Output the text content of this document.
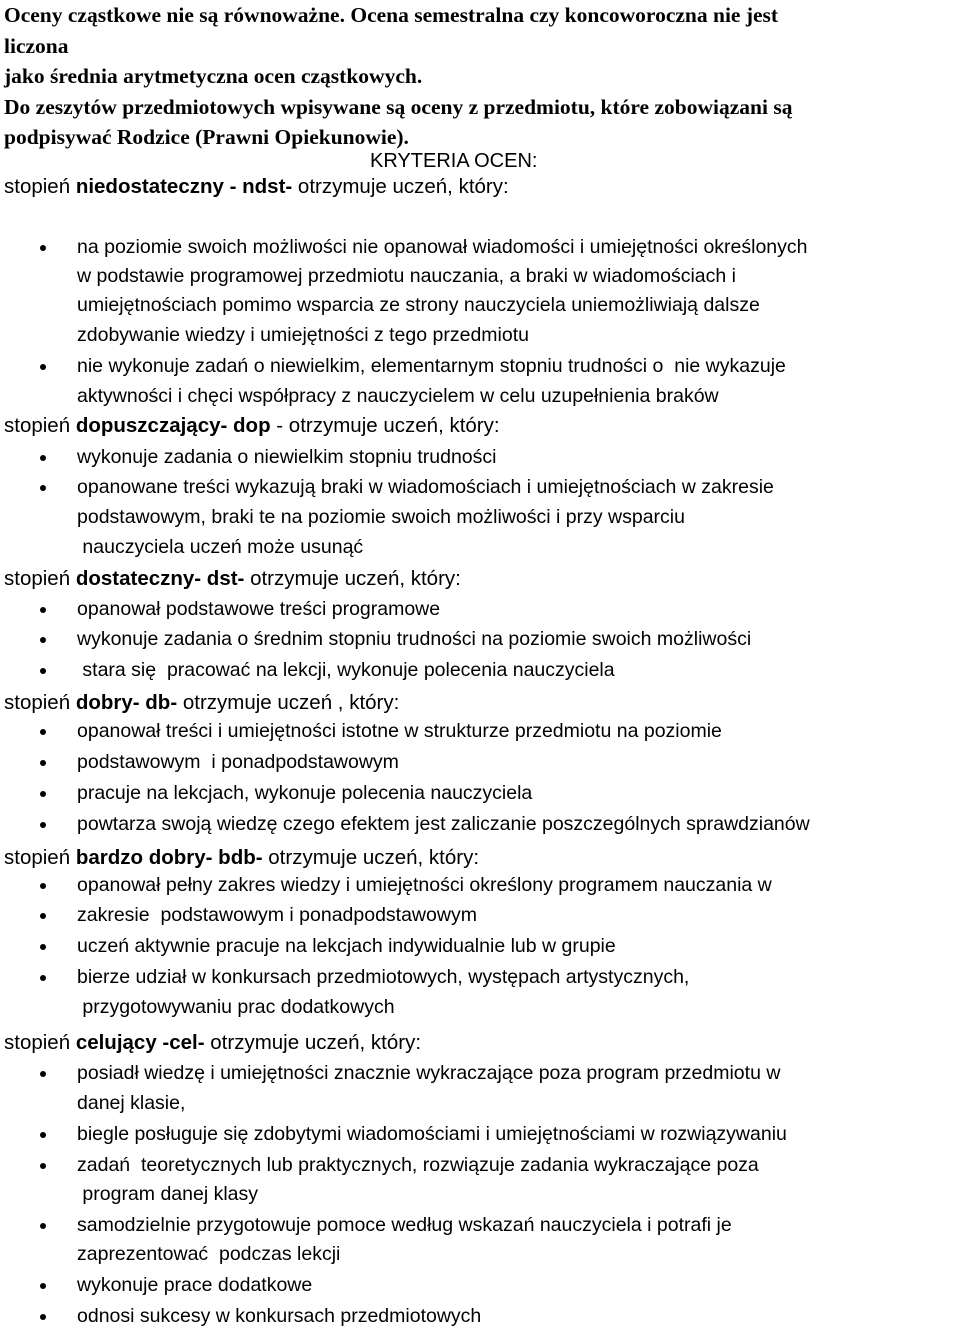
Oceny cząstkowe nie są równoważne. Ocena semestralna czy koncoworoczna nie jest
liczona
jako średnia arytmetyczna ocen cząstkowych.
Do zeszytów przedmiotowych wpisywane są oceny z przedmiotu, które zobowiązani są
podpisywać Rodzice (Prawni Opiekunowie).
KRYTERIA OCEN:
stopień niedostateczny - ndst- otrzymuje uczeń, który:
na poziomie swoich możliwości nie opanował wiadomości i umiejętności określonych
w podstawie programowej przedmiotu nauczania, a braki w wiadomościach i
umiejętnościach pomimo wsparcia ze strony nauczyciela uniemożliwiają dalsze
zdobywanie wiedzy i umiejętności z tego przedmiotu
nie wykonuje zadań o niewielkim, elementarnym stopniu trudności o  nie wykazuje
aktywności i chęci współpracy z nauczycielem w celu uzupełnienia braków
stopień dopuszczający- dop - otrzymuje uczeń, który:
wykonuje zadania o niewielkim stopniu trudności
opanowane treści wykazują braki w wiadomościach i umiejętnościach w zakresie
podstawowym, braki te na poziomie swoich możliwości i przy wsparciu
nauczyciela uczeń może usunąć
stopień dostateczny- dst- otrzymuje uczeń, który:
opanował podstawowe treści programowe
wykonuje zadania o średnim stopniu trudności na poziomie swoich możliwości
stara się  pracować na lekcji, wykonuje polecenia nauczyciela
stopień dobry- db- otrzymuje uczeń , który:
opanował treści i umiejętności istotne w strukturze przedmiotu na poziomie
podstawowym  i ponadpodstawowym
pracuje na lekcjach, wykonuje polecenia nauczyciela
powtarza swoją wiedzę czego efektem jest zaliczanie poszczególnych sprawdzianów
stopień bardzo dobry- bdb- otrzymuje uczeń, który:
opanował pełny zakres wiedzy i umiejętności określony programem nauczania w
zakresie  podstawowym i ponadpodstawowym
uczeń aktywnie pracuje na lekcjach indywidualnie lub w grupie
bierze udział w konkursach przedmiotowych, występach artystycznych,
przygotowywaniu prac dodatkowych
stopień celujący -cel- otrzymuje uczeń, który:
posiadł wiedzę i umiejętności znacznie wykraczające poza program przedmiotu w
danej klasie,
biegle posługuje się zdobytymi wiadomościami i umiejętnościami w rozwiązywaniu
zadań  teoretycznych lub praktycznych, rozwiązuje zadania wykraczające poza
program danej klasy
samodzielnie przygotowuje pomoce według wskazań nauczyciela i potrafi je
zaprezentować  podczas lekcji
wykonuje prace dodatkowe
odnosi sukcesy w konkursach przedmiotowych
